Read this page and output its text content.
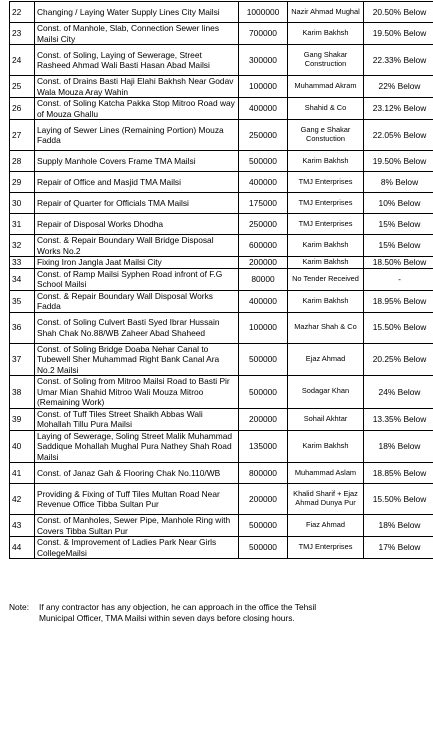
22	Changing / Laying Water Supply Lines City Mailsi	1000000	Nazir Ahmad Mughal	20.50% Below
23	Const. of Manhole, Slab, Connection Sewer lines Mailsi City	700000	Karim Bakhsh	19.50% Below
24	Const. of Soling, Laying of Sewerage, Street Rasheed Ahmad Wali Basti Hasan Abad Mailsi	300000	Gang Shakar Construction	22.33% Below
25	Const. of Drains Basti Haji Elahi Bakhsh Near Godav Wala Mouza Aray Wahin	100000	Muhammad Akram	22% Below
26	Const. of Soling Katcha Pakka Stop Mitroo Road way of Mouza Ghallu	400000	Shahid & Co	23.12% Below
27	Laying of Sewer Lines (Remaining Portion) Mouza Fadda	250000	Gang e Shakar Constuction	22.05% Below
28	Supply Manhole Covers Frame TMA Mailsi	500000	Karim Bakhsh	19.50% Below
29	Repair of Office and Masjid TMA Mailsi	400000	TMJ Enterprises	8% Below
30	Repair of Quarter for Officials TMA Mailsi	175000	TMJ Enterprises	10% Below
31	Repair of Disposal Works Dhodha	250000	TMJ Enterprises	15% Below
32	Const. & Repair Boundary Wall Bridge Disposal Works No.2	600000	Karim Bakhsh	15% Below
33	Fixing Iron Jangla Jaat Mailsi City	200000	Karim Bakhsh	18.50% Below
34	Const. of Ramp Mailsi Syphen Road infront of F.G School Mailsi	80000	No Tender Received	-
35	Const. & Repair Boundary Wall Disposal Works Fadda	400000	Karim Bakhsh	18.95% Below
36	Const. of Soling Culvert Basti Syed Ibrar Hussain Shah Chak No.88/WB Zaheer Abad Shaheed	100000	Mazhar Shah & Co	15.50% Below
37	Const. of Soling Bridge Doaba Nehar Canal to Tubewell Sher Muhammad Right Bank Canal Ara No.2 Mailsi	500000	Ejaz Ahmad	20.25% Below
38	Const. of Soling from Mitroo Mailsi Road to Basti Pir Umar Mian Shahid Mitroo Wali Mouza Mitroo (Remaining Work)	500000	Sodagar Khan	24% Below
39	Const. of Tuff Tiles Street Shaikh Abbas Wali Mohallah Tillu Pura Mailsi	200000	Sohail Akhtar	13.35% Below
40	Laying of Sewerage, Soling Street Malik Muhammad Saddique Mohallah Mughal Pura Nathey Shah Road Mailsi	135000	Karim Bakhsh	18% Below
41	Const. of Janaz Gah & Flooring Chak No.110/WB	800000	Muhammad Aslam	18.85% Below
42	Providing & Fixing of Tuff Tiles Multan Road Near Revenue Office Tibba Sultan Pur	200000	Khalid Sharif + Ejaz Ahmad Dunya Pur	15.50% Below
43	Const. of Manholes, Sewer Pipe, Manhole Ring with Covers Tibba Sultan Pur	500000	Fiaz Ahmad	18% Below
44	Const. & Improvement of Ladies Park Near Girls CollegeMailsi	500000	TMJ Enterprises	17% Below
Note: If any contractor has any objection, he can approach in the office the Tehsil
Municipal Officer, TMA Mailsi within seven days before closing hours.
